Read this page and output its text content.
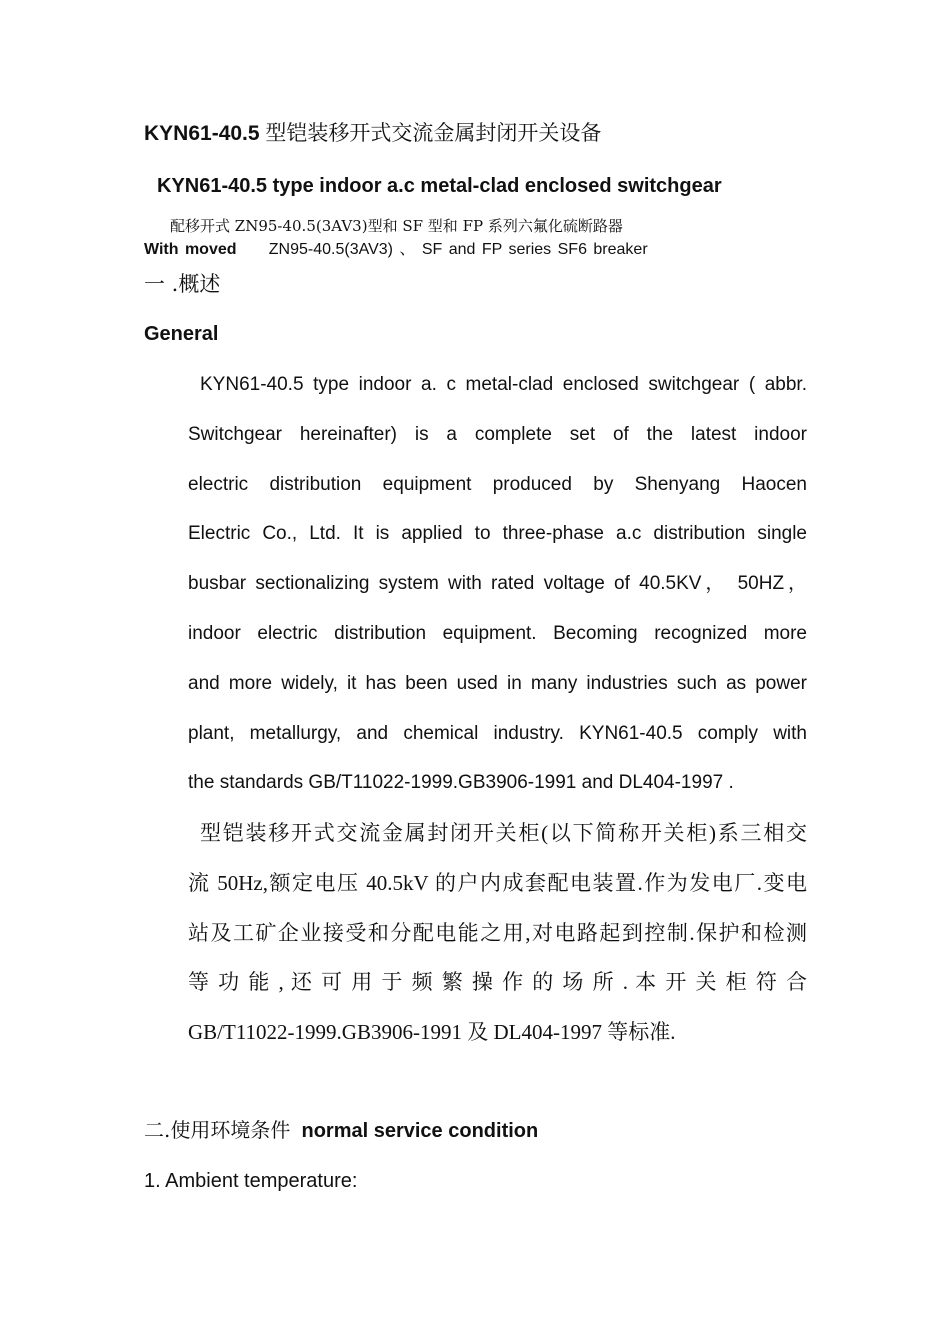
KYN61-40.5 型铠装移开式交流金属封闭开关设备
KYN61-40.5 type indoor a.c metal-clad enclosed switchgear
配移开式 ZN95-40.5(3AV3)型和 SF 型和 FP 系列六氟化硫断路器
With moved ZN95-40.5(3AV3) 、 SF and FP series SF6 breaker
一 .概述
General
KYN61-40.5 type indoor a. c metal-clad enclosed switchgear ( abbr.
Switchgear hereinafter) is a complete set of the latest indoor
electric distribution equipment produced by Shenyang Haocen
Electric Co., Ltd. It is applied to three-phase a.c distribution single
busbar sectionalizing system with rated voltage of 40.5KV， 50HZ，
indoor electric distribution equipment. Becoming recognized more
and more widely, it has been used in many industries such as power
plant, metallurgy, and chemical industry. KYN61-40.5 comply with
the standards GB/T11022-1999.GB3906-1991 and DL404-1997 .
型铠装移开式交流金属封闭开关柜(以下简称开关柜)系三相交
流 50Hz,额定电压 40.5kV 的户内成套配电装置.作为发电厂.变电
站及工矿企业接受和分配电能之用,对电路起到控制.保护和检测
等 功 能 , 还 可 用 于 频 繁 操 作 的 场 所 . 本 开 关 柜 符 合
GB/T11022-1999.GB3906-1991 及 DL404-1997 等标准.
二.使用环境条件 normal service condition
1. Ambient temperature:
